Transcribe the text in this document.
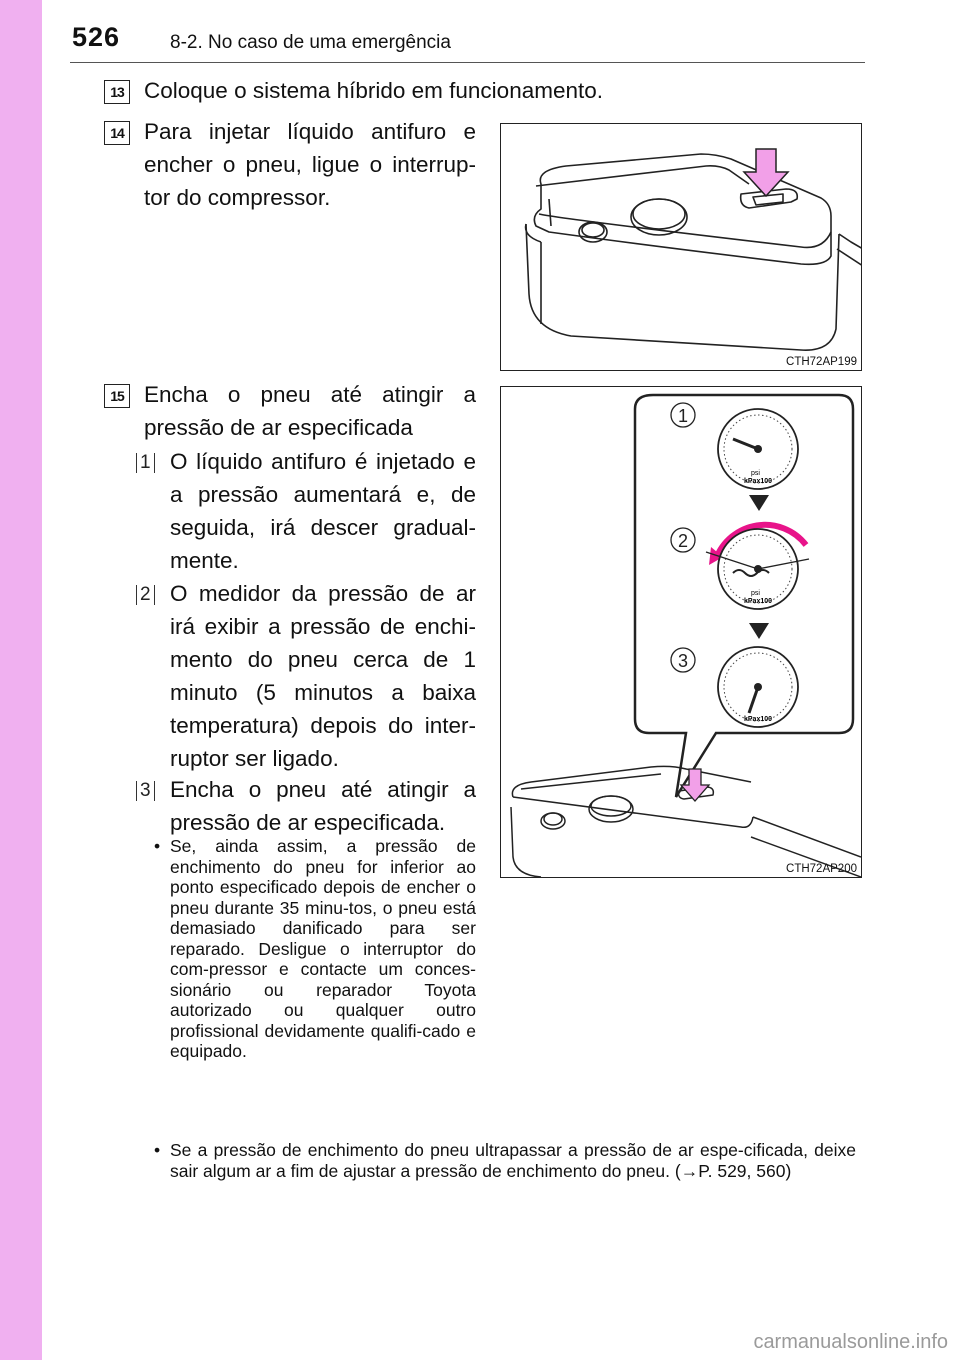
526	8-2. No caso de uma emergência
13 Coloque o sistema híbrido em funcionamento.
14 Para injetar líquido antifuro e encher o pneu, ligue o interrup-tor do compressor.
CTH72AP199
15 Encha o pneu até atingir a pressão de ar especificada
1 O líquido antifuro é injetado e a pressão aumentará e, de seguida, irá descer gradual-mente.
2 O medidor da pressão de ar irá exibir a pressão de enchi-mento do pneu cerca de 1 minuto (5 minutos a baixa temperatura) depois do inter-ruptor ser ligado.
3 Encha o pneu até atingir a pressão de ar especificada.
• Se, ainda assim, a pressão de enchimento do pneu for inferior ao ponto especificado depois de encher o pneu durante 35 minu-tos, o pneu está demasiado danificado para ser reparado. Desligue o interruptor do com-pressor e contacte um conces-sionário ou reparador Toyota autorizado ou qualquer outro profissional devidamente qualifi-cado e equipado.
• Se a pressão de enchimento do pneu ultrapassar a pressão de ar espe-cificada, deixe sair algum ar a fim de ajustar a pressão de enchimento do pneu. (→P. 529, 560)
1
2
3
psi
kPax100
psi
kPax100
kPax100
CTH72AP200
carmanualsonline.info
